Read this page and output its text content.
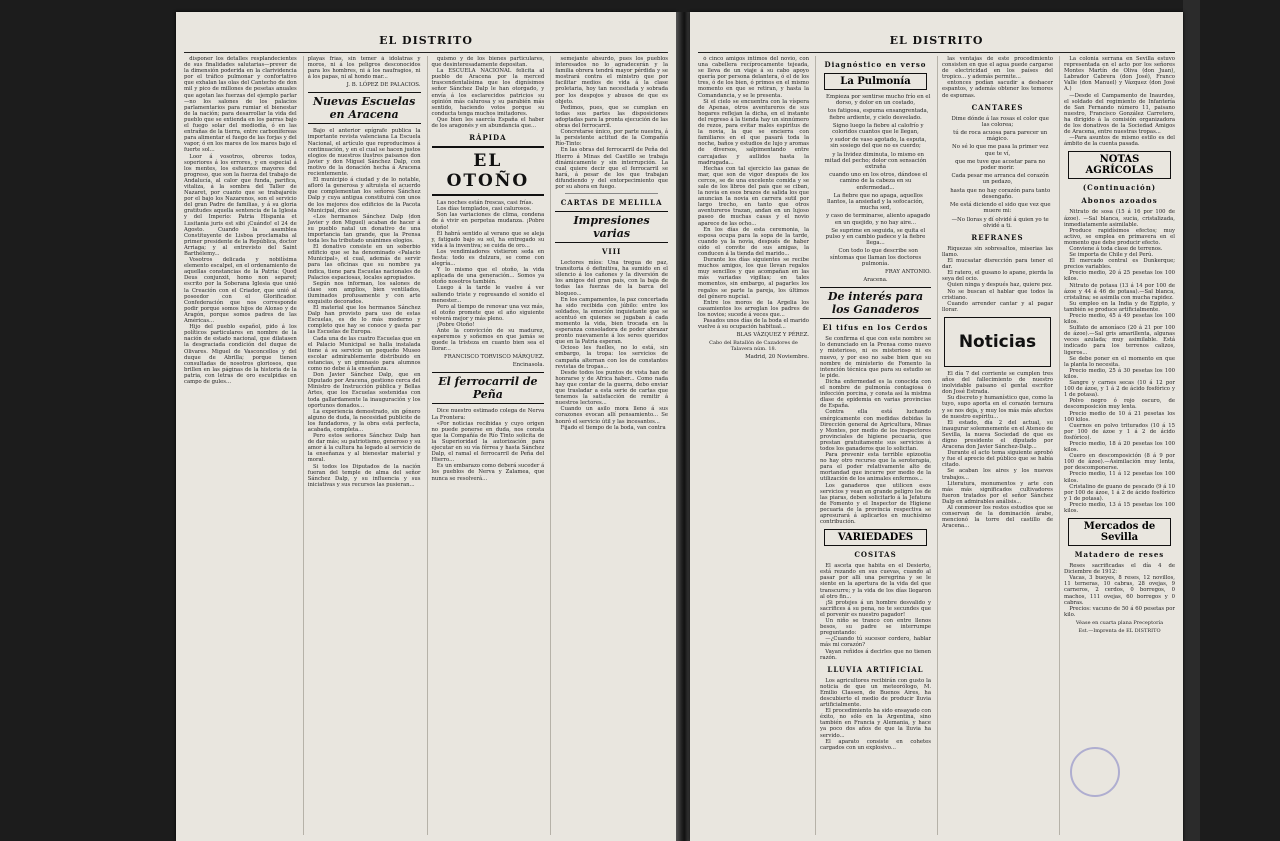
EL DISTRITO

 disponer los detalles resplandecientes de sus finalidades salutarias—prever de la dimensión poderida en la clarividencia por el tráfico pulmonar y confortativo que exhalan las olas del Cantecho de don mil y pico de millones de pesetas anuales que agotan las fuerzas del ejemplo parlar—no los salones de los palacios parlamentarios para rumiar el bienestar de la nación; para desarrollar la vida del pueblo que se extienda en los parras bajo el fuego solar del mediodía, ó en las entrañas de la tierra, entre carbonifereas para alimentar el fuego de las forjas y del vapor, ó en los mares de los mares bajo el fuerte sol...

 Loor á vosotros, obreros todos, soperiores á los errores, y en especial á los mentes, los esfuerzos mayores del progreso, que son la fuerza del trabajo de Andalucía, al calor que funda, parifica, vitaliza, á la sombra del Taller de Nazaret, por cuanto que se trabajaréis por el bajo los Nazarenos, son el servicio del gran Padre de familias, y á su gloria gratitudes aquella sentencia de la Iglesia y del Imperio: Patria Hispania et Lusitania juris est sibi ¡Cuándo! el 24 de Agosto. Cuando la asamblea Constituyente de Lisboa proclamaba al primer presidente de la República, doctor Arriaga; y al entrevisto del Saint Barthélemy...

 Vosotros delicada y nobilísima elemento escalpel, en el ordenamiento de aquellas constancias de la Patria: Quod Deus conjunxit, homo non separet; escrito por la Soberana Iglesia que unió la Creación con el Criador, que unió al poseedor con el Glorificador. Confederación que nos corresponde podir porque somos hijos de Alonso y de Aragón, porque somos padres de las Américas...

 Hijo del pueblo español, pido á los políticos particulares en nombre de la nación de estado nacional, que dilatasen la desgraciada condición del duque de Olivares. Miguel de Vasconcellos y del duque de Abrilla; porque tienen consultadas de nosotros gloriosos, que brillen en las páginas de la historia de la patria, con letras de oro esculpidas en campo de gules...

playas frías, sin temer á idolatras y moros, ni á los peligros desconocidos para los hombres, ni á los naufragios, ni á los papas, ni al hondo mar...

J. B. LÓPEZ DE PALACIOS.
Nuevas Escuelas en Aracena

 Bajo el anterior epígrafe publica la importante revista valenciana La Escuela Nacional, el artículo que reproducimos á continuación, y en el cual se hacen justos elogios de nuestros ilustres paisanos don Javier y don Miguel Sánchez Dalp, con motivo de la donación hecha á Aracena recientemente.

 El municipio á ciudad y de lo notable, afloró la generosa y altruista el acuerdo que complementan los señores Sánchez Dalp y cuya antigua constituirá con unos de los mejores dos edificios de la Pacota Municipal, dice así:

 «Los hermanos Sánchez Dalp (don Javier y don Miguel) acaban de hacer á su pueblo natal un donativo de una importancia tan grande, que la Prensa toda les ha tributado unánimes elogios.

 El donativo consiste en un soberbio edificio que se ha denominado «Palacio Municipal», el cual, además de servir para las oficinas que su nombre ya indica, tiene para Escuelas nacionales de Palacios espaciosas, locales apropiados.

 Según nos informan, los salones de clase son amplios, bien ventilados, iluminados profusamente y con arte exquisito decorados.

 El material que los hermanos Sánchez Dalp han provisto para uso de estas Escuelas, es de lo más moderno y completo que hay se conoce y gasta par las Escuelas de Europa.

 Cada una de las cuatro Escuelas que en el Palacio Municipal se halla instalada tiene á su servicio un pequeño Museo escolar admirablemente distribuido en estancias, y un gimnasio para alumnos como no debe á la enseñanza.

 Don Javier Sánchez Dalp, que en Diputado por Aracena, gestiono cerca del Ministro de Instrucción pública y Bellas Artes, que los Escuelas sostenidas con toda gallardamente la inauguración y los oportunos donados...

 La experiencia demostrado, sin género alguno de duda, la necesidad publicite de los fundadores, y la obra está perfecta, acabada, completa...

 Pero estos señores Sánchez Dalp han de dar más; su patriotismo, generoso y su amor á la cultura ha legado al servicio de la enseñanza y al bienestar material y moral.

 Si todos los Diputados de la nación fueran del temple de alma del señor Sánchez Dalp, y su influencia y sus iniciativas y sus recursos las pusieran...

 quismo y de los bienes particulares, que desinteresadamente depositan.

 La ESCUELA NACIONAL felicita al pueblo de Aracena por la merced trascendentalísima que los dignísimos señor Sánchez Dalp le han otorgado, y envía á los esclarecidos patricios su opinión más calurosa y su parabién más sentido, haciendo votos porque su conducta tenga muchos imitadores.

 Que bien les saercía España el haber de los aragonés y en abundancia que...

RÁPIDA
EL OTOÑO

 Las noches están frescas, casi frías.

 Los días templados, casi calurosos.

 Son las variaciones de clima, condena de á vivir en perpetua mudanza. ¡Pobre otoño!

 Él habrá sentido al verano que se aleja y, fatigado bajo su sol, ha entregado su vida á la inventiva; se cuida de oro...

 Los vendimiadores vistieron seda en fiesta: todo es dulzura, se come con alegría...

 Y lo mismo que el otoño, la vida aplicada de una generación... Somos ya otoño nosotros también.

 Luego á la tarde le vuelve á ver saliendo triste y regresando el sonido el menester...

 Pero al tiempo de renovar una vez más, el otoño promete que el año siguiente volverá mejor y más pleno.

 ¡Pobre Otoño!

 Ante la convicción de su madurez, esperemos y soñemos en que jamás se quede la tristeza en cuanto bien sea el llorar...

FRANCISCO TORVISCO MÁRQUEZ.
Encinasola.
El ferrocarril de Peña

 Dice nuestro estimado colega de Nerva La Frontera:

 «Por noticias recibidas y cuyo origen no puede ponerse en duda, nos consta que la Compañía de Río Tinto solicita de la Superioridad la autorización para ejecutar en su vía férrea y hasta Sánchez Dalp, el ramal el ferrocarril de Peña del Hierro...

 Es un embarazo como deberá suceder á los pueblos de Nerva y Zalamea, que nunca se resolverá...

 semejante absurdo, pues los pueblos interesados no lo agradecerán y la familia obrera tendrá mayor pérdida y se mostrará contra el ministro que por facilitar medios de vida á la clase proletaria, hoy tan necesitada y sobrada por los despojos y abusos de que es objeto.

 Pedimos, pues, que se cumplan en todas sus partes las disposiciones adoptadas para la pronta ejecución de las obras del ferrocarril.

 Concretarse único, por parte nuestra, á la persistente actitud de la Compañía Río-Tinto:

 En las obras del ferrocarril de Peña del Hierro á Minas del Castillo se trabaja dinámicamente y sin interrupción. La cual quiere decir que el ferrocarril se hará, á pesar de los que trabajan difundiendo y del entorpecimiento que por su ahora en fuego.

CARTAS DE MELILLA
Impresiones varias
VIII

 Lectores míos: Una tregua de paz, transitoria ó definitiva, ha sumido en el silencio á los cañones y la diversión de los amigos del gran país, con la baja de todas las fuerzas de la barca del bloqueo...

 En los campamentos, la paz concertada ha sido recibida con júbilo: entre los soldados, la emoción inquietante que se acentuó en quienes se jugaban á cada momento la vida, bien trocada en la esperanza consoladora de poder abrazar pronto nuevamente á los seres queridos que en la Patria esperan.

 Ocioso les fuelles, no lo está, sin embargo, la tropa: los servicios de campaña alternan con los de constantes revistas de tropas...

 Desde todos los puntos de vista han de honrarse y de Africa haber... Como nada hay que contar de la guerra, debo enviar que trasladar a esta serie de cartas que tenemos la satisfacción de remitir á nuestros lectores...

 Cuando un asilo mora lleno á sus corazones evocan allí pensamiento... Se honró el servicio útil y las incesantes...

 Fijado el tiempo de la boda, van contra

EL DISTRITO

 ó cinco amigos íntimos del novio, con una cabellera recíprocamente tejeada, se lleva de un viaje á su cabo apoyo quería por persona delantera, ó el de los tres, ó de los bien, ó primos en el mismo momento en que se retiran, y hasta la Comandancia, y se le presenta.

 Si el cielo se encuentra con la víspera de Apenas, otros aventureros de sus hogares reflejan la dicha, en el instante del regreso á la tienda hay un sinnúmero de rezos, para evitar males espíritus de la novia, la que se encierra con familiares en el que pasará toda la noche, baños y estudios de lujo y aromas de diversos, salpimentando entre carcajadas y aullidos hasta la madrugada...

 Hechas con tal ejercicio las ganas de mar, que son de vigor después de los cercos, se de una excelente comida y se sale de los libros del país que se ciban, la novia en esos brazos de salida los que anuncian la novia en carrera sutil por largo trecho, en tanto que otros aventureros trazan, andan en un lujoso paseo de muchas casas y el novio aparece de las ocho...

 En los días de esta ceremonia, la esposa ocupa para la sopa de la tarde, cuando ya la novia, después de haber oído el convite de sus amigas, la conducen á la tienda del marido...

 Durante los días siguientes se recibe muchos amigos, los que llevan regalos muy sencillos y que acompañan en las más variadas vigilias; en tales momentos, sin embargo, al pagarles los regalos se parte la pareja, los últimos del género nupcial.

 Entre los moros de la Argelia los casamientos los arreglan los padres de los novios; sucede á veces que...

 Pasados unos días de la boda el marido vuelve á su ocupación habitual...

BLAS VÁZQUEZ Y PÉREZ.
Cabo del Batallón de Cazadores de Talavera núm. 18.
Madrid, 20 Noviembre.
Diagnóstico en verso
La Pulmonía
 Empieza por sentirse mucho frío en el dorso, y dolor en un costado,
 tos fatigosa, espuma ensangrentada, fiebre ardiente, y cielo desvelado.
 Signo luego la fiebre al calofrío y coloridos cuantos que le llegan,
 y sudor de vaso agotado, la esputa, sin sosiego del que no es cuerdo;
 y la lividez diminuta, lo mismo en mitad del pecho; dolor con sensación extraña
 cuando uno en los otros, dándose el camino de la cabeza en su enfermedad...
 La fiebre que no apaga, aquellos llantos, la ansiedad y la sofocación, mucha sed,
 y caso de terminarse, aliento apagado en un quejido, y no hay aire...
 Se suprime en seguida, se quita el pulso y en cambio padece y la fiebre llega...
 Con todo lo que describe son síntomas que llaman los doctores pulmonía.
FRAY ANTONIO.
Aracena.
De interés para los Ganaderos
El tifus en los Cerdos

 Se confirma el que con este nombre se lo denunciado en la Prensa como nuevo y misterioso, ni es misterioso ni es nuevo, y por eso no sabe bien que su nombre de ministerio de Fomento la intención técnica que para su estudio se le pide.

 Dicha enfermedad es la conocida con el nombre de pulmonía contagiosa ó infección porcina, y consta así la mistma dlase de epidemia en varias provincias de España.

 Contra ella está luchando enérgicamente con medidas debidas la Dirección general de Agricultura, Minas y Montes, por medio de los inspectores provinciales de higiene pecuaria, que prestan gratuitamente sus servicios á todos los ganaderos que lo solicitan.

 Para prevenir esta terrible epizootia no hay otro recurso que la seroterapia, para el poder relativamente alto de mortandad que incurre por medio de la utilización de los animales enfermos...

 Los ganaderos que utilicen esos servicios y vean en grande peligro los de las piaras, deben solicitarlo á la Jefatura de Fomento y el Inspector de Higiene pecuaria de la provincia respectiva se apresurará á aplicarlos en muchísimo contribución.

VARIEDADES
COSITAS

 El asceta que habita en el Desierto, está rezando en sus cuevas, cuando al pasar por allí una peregrina y se le siente en la apertura de la vida del que transcurre; y la vida de los días llegaron al otro fin...

 ¡Si protejes á un hombre desvalido y sacrifices á su pena, no te secundes que el porvenir es nuestro pagador!

 Un niño se tranco con entre llenos besos, su padre se interrumpe preguntando:

 —¿Cuando tú sucesor cordero, hablar más mi corazón?

 Vayan reñidos á decirles que no tienen razón.

LLUVIA ARTIFICIAL

 Los agricultores recibirán con gusto la noticia de que un meteorólogo, M. Emilio Classen, de Buenos Aires, ha descubierto el medio de producir lluvia artificialmente.

 El procedimiento ha sido ensayado con éxito, no sólo en la Argentina, sino también en Francia y Alemania, y hace ya poco dos años de que la lluvia ha servido...

 El aparato consiste en cohetes cargados con un explosivo...

 las ventajas de este procedimiento consisten en que el agua puede cargarse de electricidad en los países del tropico... y además permite...

 entonces podían sacudir a deshacer espantos, y además obtener los temores de espumas.

CANTARES
 Dime dónde á las rosas el color que las colorea;
 tú de roca acuosa para parecer un mágico.
 No sé lo que me pasa la primer vez que te ví,
 que me tuve que acostar para no poder morir.
 Cada pesar me arranca del corazón un pedazo,
 hasta que no hay corazón para tanto desengaño.
 Me está diciendo el sido que vez que muere mi:
 —No lloras y dí olvidé á quien yo te olvidé a ti.
REFRANES

 Riquezas sin sobresaltos, miserias las llamo.

 El mucsatar disrección para tener el dar.

 El ratero, el gusano lo apane, pierda la seya del ocio.

 Quien ninga y después haz, quiere pez.

 No se buscan el hablar que todos la cristiano.

 Cuando arrender cantar y al pagar llorar.

Noticias

 El día 7 del corriente se cumplen tres años del fallecimiento de nuestro inolvidable paisano el gental escritor don José Estrada.

 Su discreto y humanístico que, como la tuyo, supo aporta en el corazón ternura y se nos deja, y muy los más más afectos de nuestro espíritu...

 El estado, día 2 del actual, su inaugurar solemnemente en el Ateneo de Sevilla, la nueva Sociedad de que es digno presidente el diputado por Aracena don Javier Sánchez-Dalp...

 Durante el acto tema siguiente aprobó y fue el aprecio del público que se había citado.

 Se acaban los aires y los nuevos trabajos...

 Literatura, monumentos y arte con más más significados cultivadores fueron tratados por el señor Sánchez Dalp en admirables análisis...

 Al conmover los restos estudios que se conservan de la dominación árabe, mencionó la torre del castillo de Aracena...

 La colonia serrana en Sevilla estuvo representada en el acto por los señores Montes Martín de Oliva (don Juan), Labrador Cabrera (don José), Franco Valle (don Manuel) y Vázquez (don José A.)

 —Desde el Campamento de Inaurdes, el soldado del regimiento de Infantería de San Fernando número 11, paisano nuestro, Francisco González Carretero, ha dirigido á la comisión organizadora de los donativos de la Sociedad Amigos de Aracena, entre nuestras tropas...

 —Para asuntos de mismo estilo es del ámbito de la cuenta pasada.

NOTAS AGRÍCOLAS
(Continuación)
Abonos azoados

 Nitrato de sosa (15 á 16 por 100 de ázoe). —Sal blanca, sucia, cristalizada, inmediatamente asimilable.

 Produce rapidísimos efectos; muy activo, se emplea en primavera en el momento que debe producir efecto.

 Conviene á toda clase de terrenos.

 Se importa de Chile y del Perú.

 El mercado central es Dunkerque; precios variables.

 Precio medio, 20 á 25 pesetas los 100 kilos.

 Nitrato de potasa (13 á 14 por 100 de ázoe y 44 á 46 de potasa).—Sal blanca, cristalina; se asimila con mucha rapidez.

 Su empleo en la India y de Egipto, y también se produce artificialmente.

 Precio medio, 45 á 49 pesetas los 100 kilos.

 Sulfato de amoníaco (20 á 21 por 100 de ázoe).—Sal gris amarillenta, algunas veces azulada; muy asimilable. Está indicado para los terrenos calizos, ligeros...

 Se debe poner en el momento en que la planta lo necesita.

 Precio medio, 25 á 30 pesetas los 100 kilos.

 Sangre y carnes secas (10 á 12 por 100 de ázoe, y 1 á 2 de ácido fosfórico y 1 de potasa).

 Polvo negro ó rojo oscuro, de descomposición muy lenta.

 Precio medio de 10 á 21 pesetas los 100 kilos.

 Cuernos en polvo triturados (10 á 15 por 100 de ázoe y 1 á 2 de ácido fosfórico).

 Precio medio, 18 á 20 pesetas los 100 kilos.

 Cuero en descomposición (8 á 9 por 100 de ázoe).—Asimilación muy lenta, por descomponerse.

 Precio medio, 11 á 12 pesetas los 100 kilos.

 Cristalino de guano de pescado (9 á 10 por 100 de ázoe, 1 á 2 de ácido fosfórico y 1 de potasa).

 Precio medio, 13 á 15 pesetas los 100 kilos.

Mercados de Sevilla
Matadero de reses

 Reses sacrificadas el día 4 de Diciembre de 1912:

 Vacas, 3 bueyes, 8 reses, 12 novillos, 11 terneras, 10 cabras, 28 ovejas, 9 carneros, 2 cerdos, 0 borregos, 0 machos, 111 ovejas, 60 borregos y 0 cabras.

 Precios: vacuno de 50 á 60 pesetas por kilo.

Véase en cuarta plana Preceptoría
Est.—Imprenta de EL DISTRITO
